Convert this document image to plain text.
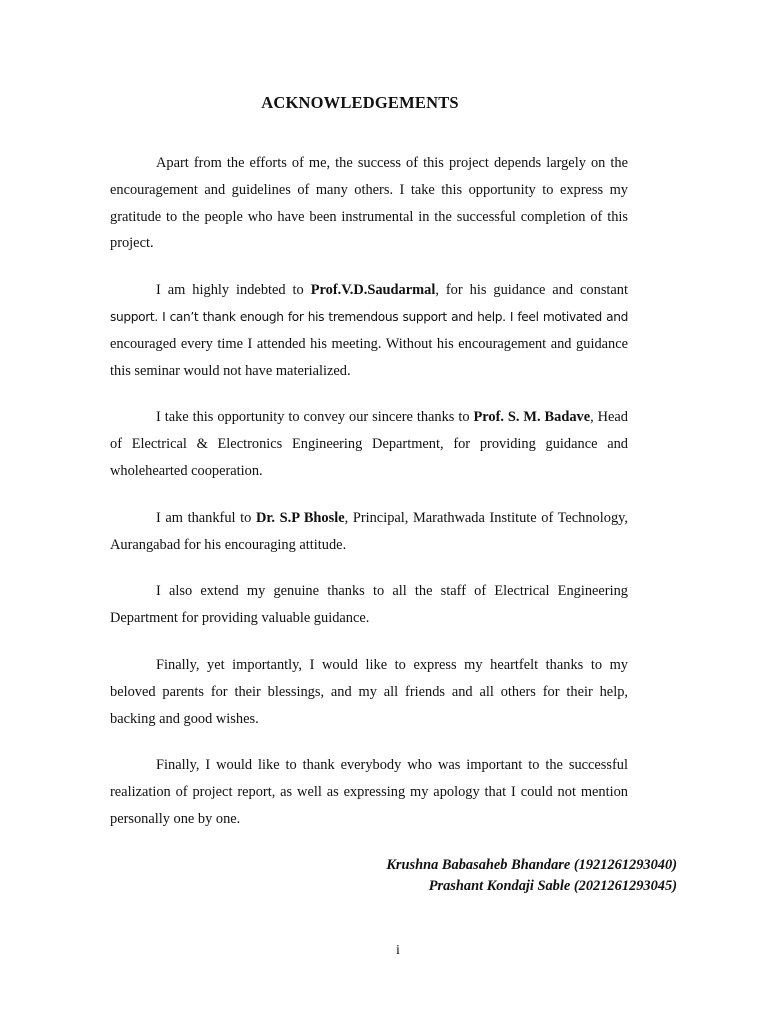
ACKNOWLEDGEMENTS

Apart from the efforts of me, the success of this project depends largely on the encouragement and guidelines of many others. I take this opportunity to express my gratitude to the people who have been instrumental in the successful completion of this project.

I am highly indebted to Prof.V.D.Saudarmal, for his guidance and constant support. I can’t thank enough for his tremendous support and help. I feel motivated and encouraged every time I attended his meeting. Without his encouragement and guidance this seminar would not have materialized.

I take this opportunity to convey our sincere thanks to Prof. S. M. Badave, Head of Electrical & Electronics Engineering Department, for providing guidance and wholehearted cooperation.

I am thankful to Dr. S.P Bhosle, Principal, Marathwada Institute of Technology, Aurangabad for his encouraging attitude.

I also extend my genuine thanks to all the staff of Electrical Engineering Department for providing valuable guidance.

Finally, yet importantly, I would like to express my heartfelt thanks to my beloved parents for their blessings, and my all friends and all others for their help, backing and good wishes.

Finally, I would like to thank everybody who was important to the successful realization of project report, as well as expressing my apology that I could not mention personally one by one.

Krushna Babasaheb Bhandare (1921261293040)
Prashant Kondaji Sable (2021261293045)
i
